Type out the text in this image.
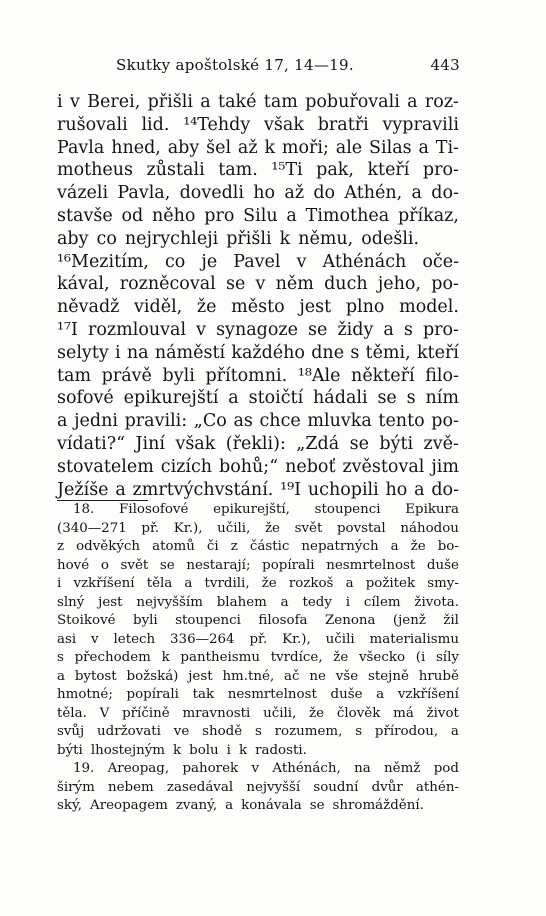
Skutky apoštolské 17, 14—19.	443
i v Berei, přišli a také tam pobuřovali a roz-
rušovali lid. ¹⁴Tehdy však bratři vypravili
Pavla hned, aby šel až k moři; ale Silas a Ti-
motheus zůstali tam. ¹⁵Ti pak, kteří pro-
vázeli Pavla, dovedli ho až do Athén, a do-
stavše od něho pro Silu a Timothea příkaz,
aby co nejrychleji přišli k němu, odešli.
¹⁶Mezitím, co je Pavel v Athénách oče-
kával, rozněcoval se v něm duch jeho, po-
něvadž viděl, že město jest plno model.
¹⁷I rozmlouval v synagoze se židy a s pro-
selyty i na náměstí každého dne s těmi, kteří
tam právě byli přítomni. ¹⁸Ale někteří filo-
sofové epikurejští a stoičtí hádali se s ním
a jedni pravili: „Co as chce mluvka tento po-
vídati?“ Jiní však (řekli): „Zdá se býti zvě-
stovatelem cizích bohů;“ neboť zvěstoval jim
Ježíše a zmrtvýchvstání. ¹⁹I uchopili ho a do-
18. Filosofové epikurejští, stoupenci Epikura
(340—271 př. Kr.), učili, že svět povstal náhodou
z odvěkých atomů či z částic nepatrných a že bo-
hové o svět se nestarají; popírali nesmrtelnost duše
i vzkříšení těla a tvrdili, že rozkoš a požitek smy-
slný jest nejvyšším blahem a tedy i cílem života.
Stoikové byli stoupenci filosofa Zenona (jenž žil
asi v letech 336—264 př. Kr.), učili materialismu
s přechodem k pantheismu tvrdíce, že všecko (i síly
a bytost božská) jest hm.tné, ač ne vše stejně hrubě
hmotné; popírali tak nesmrtelnost duše a vzkříšení
těla. V příčině mravnosti učili, že člověk má život
svůj udržovati ve shodě s rozumem, s přírodou, a
býti lhostejným k bolu i k radosti.
19. Areopag, pahorek v Athénách, na němž pod
širým nebem zasedával nejvyšší soudní dvůr athén-
ský, Areopagem zvaný, a konávala se shromáždění.
